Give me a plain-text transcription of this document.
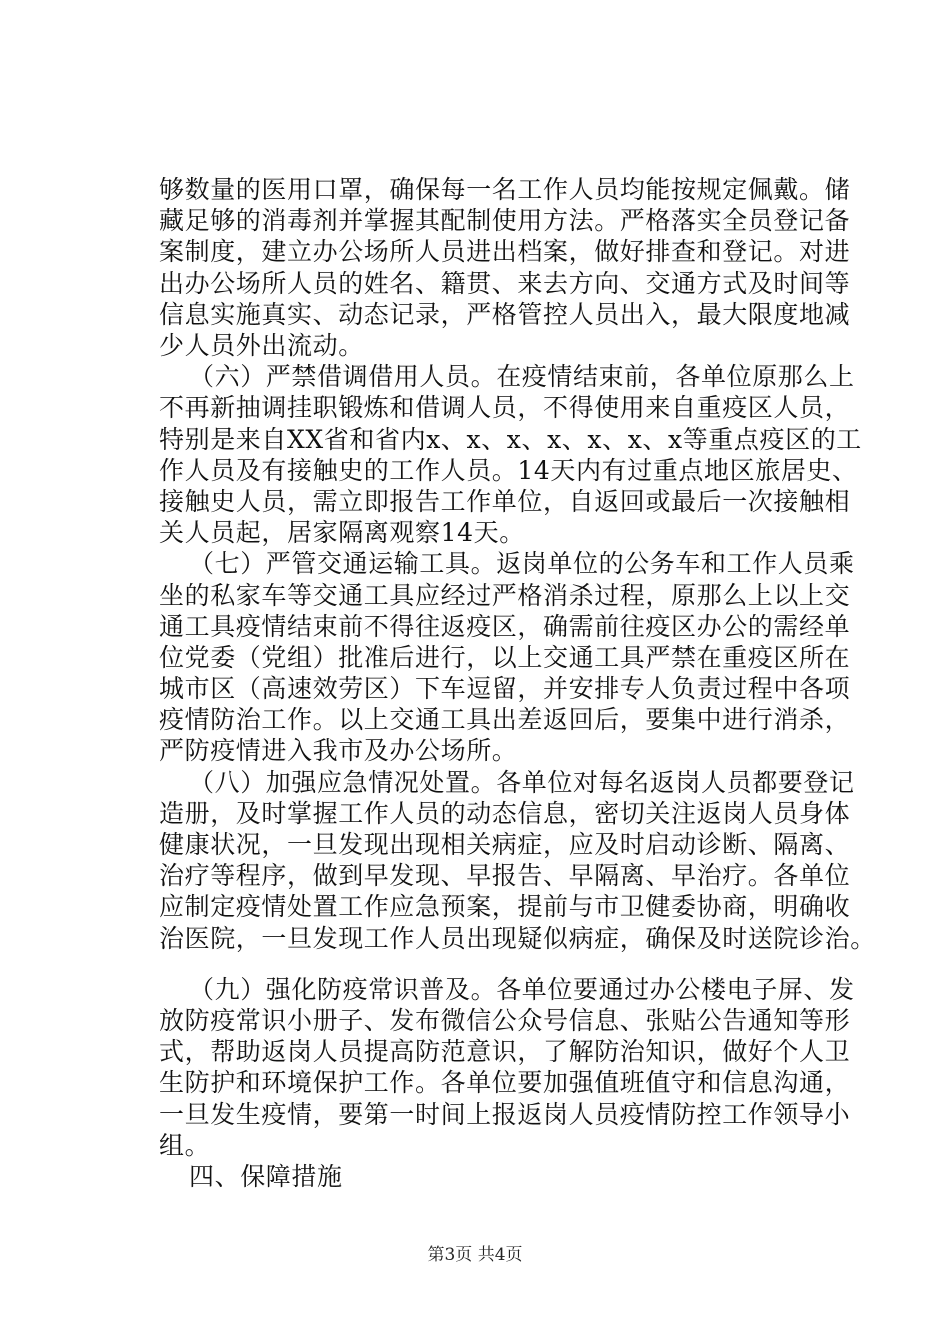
够数量的医用口罩，确保每一名工作人员均能按规定佩戴。储
藏足够的消毒剂并掌握其配制使用方法。严格落实全员登记备
案制度，建立办公场所人员进出档案，做好排查和登记。对进
出办公场所人员的姓名、籍贯、来去方向、交通方式及时间等
信息实施真实、动态记录，严格管控人员出入，最大限度地减
少人员外出流动。
（六）严禁借调借用人员。在疫情结束前，各单位原那么上
不再新抽调挂职锻炼和借调人员，不得使用来自重疫区人员，
特别是来自XX省和省内x、x、x、x、x、x、x等重点疫区的工
作人员及有接触史的工作人员。14天内有过重点地区旅居史、
接触史人员，需立即报告工作单位，自返回或最后一次接触相
关人员起，居家隔离观察14天。
（七）严管交通运输工具。返岗单位的公务车和工作人员乘
坐的私家车等交通工具应经过严格消杀过程，原那么上以上交
通工具疫情结束前不得往返疫区，确需前往疫区办公的需经单
位党委（党组）批准后进行，以上交通工具严禁在重疫区所在
城市区（高速效劳区）下车逗留，并安排专人负责过程中各项
疫情防治工作。以上交通工具出差返回后，要集中进行消杀，
严防疫情进入我市及办公场所。
（八）加强应急情况处置。各单位对每名返岗人员都要登记
造册，及时掌握工作人员的动态信息，密切关注返岗人员身体
健康状况，一旦发现出现相关病症，应及时启动诊断、隔离、
治疗等程序，做到早发现、早报告、早隔离、早治疗。各单位
应制定疫情处置工作应急预案，提前与市卫健委协商，明确收
治医院，一旦发现工作人员出现疑似病症，确保及时送院诊治。
（九）强化防疫常识普及。各单位要通过办公楼电子屏、发
放防疫常识小册子、发布微信公众号信息、张贴公告通知等形
式，帮助返岗人员提高防范意识，了解防治知识，做好个人卫
生防护和环境保护工作。各单位要加强值班值守和信息沟通，
一旦发生疫情，要第一时间上报返岗人员疫情防控工作领导小
组。
四、保障措施
第3页 共4页
